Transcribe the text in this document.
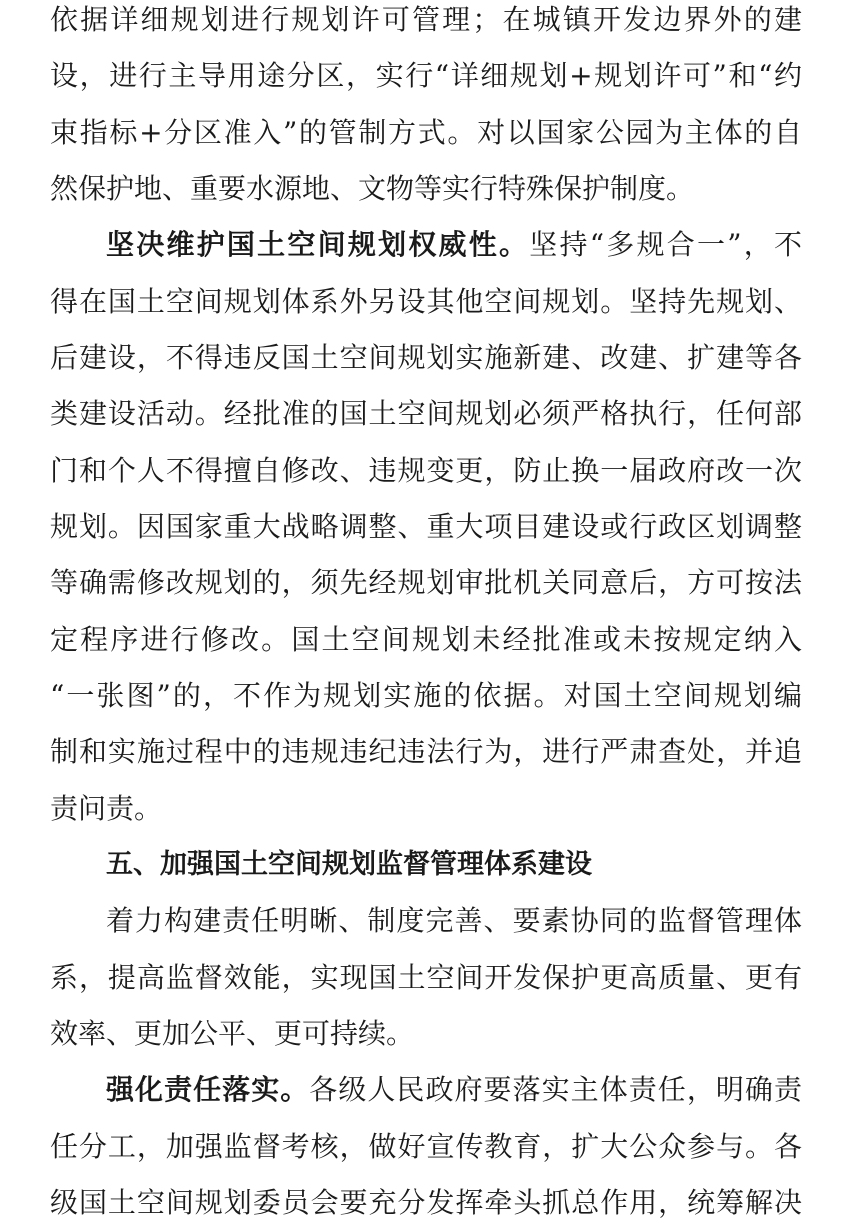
依据详细规划进行规划许可管理；在城镇开发边界外的建
设，进行主导用途分区，实行“详细规划+规划许可”和“约
束指标+分区准入”的管制方式。对以国家公园为主体的自
然保护地、重要水源地、文物等实行特殊保护制度。
坚决维护国土空间规划权威性。坚持“多规合一”，不
得在国土空间规划体系外另设其他空间规划。坚持先规划、
后建设，不得违反国土空间规划实施新建、改建、扩建等各
类建设活动。经批准的国土空间规划必须严格执行，任何部
门和个人不得擅自修改、违规变更，防止换一届政府改一次
规划。因国家重大战略调整、重大项目建设或行政区划调整
等确需修改规划的，须先经规划审批机关同意后，方可按法
定程序进行修改。国土空间规划未经批准或未按规定纳入
“一张图”的，不作为规划实施的依据。对国土空间规划编
制和实施过程中的违规违纪违法行为，进行严肃查处，并追
责问责。
五、加强国土空间规划监督管理体系建设
着力构建责任明晰、制度完善、要素协同的监督管理体
系，提高监督效能，实现国土空间开发保护更高质量、更有
效率、更加公平、更可持续。
强化责任落实。各级人民政府要落实主体责任，明确责
任分工，加强监督考核，做好宣传教育，扩大公众参与。各
级国土空间规划委员会要充分发挥牵头抓总作用，统筹解决
